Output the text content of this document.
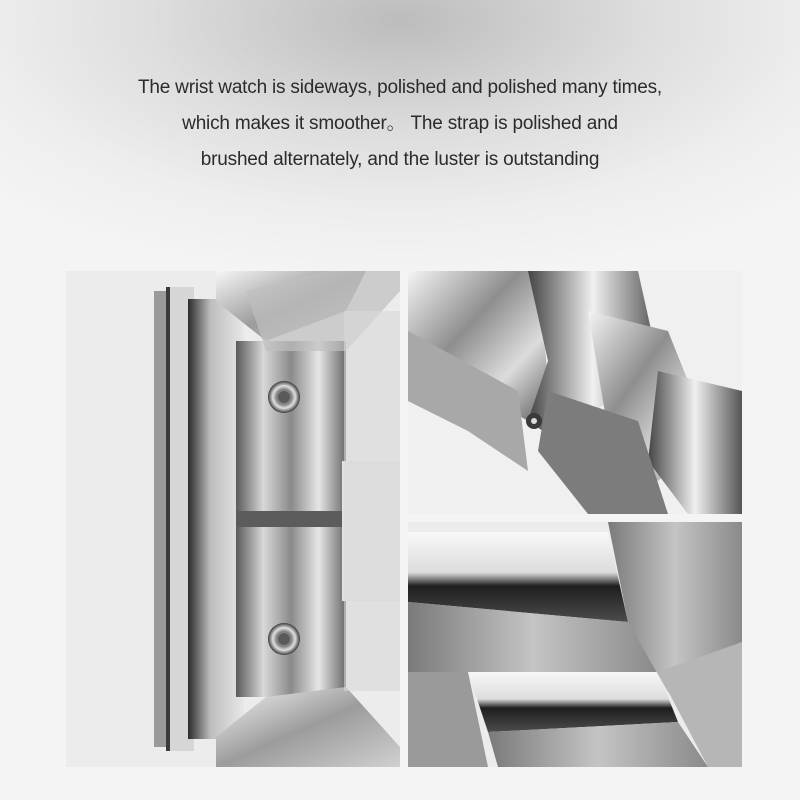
The wrist watch is sideways, polished and polished many times,
which makes it smoother。 The strap is polished and
brushed alternately, and the luster is outstanding
